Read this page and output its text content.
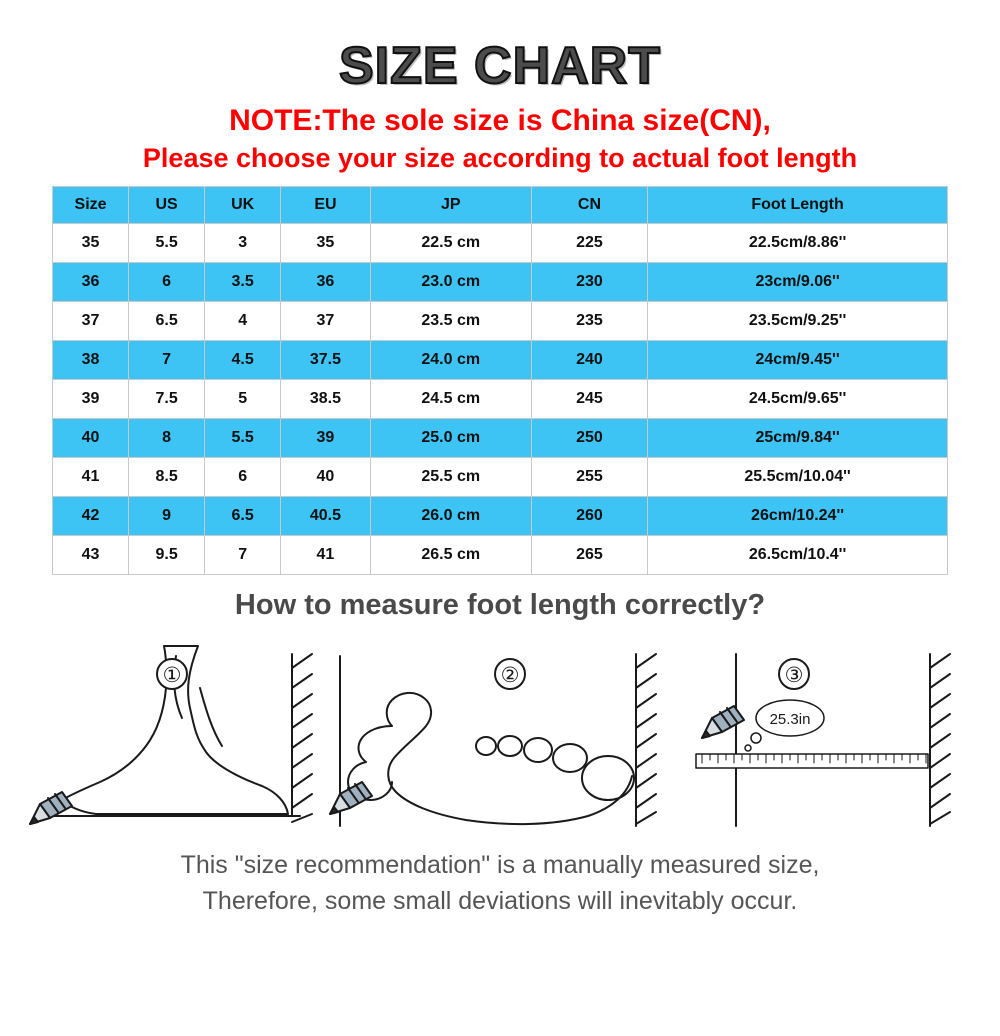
SIZE CHART
NOTE:The sole size is China size(CN),
Please choose your size according to actual foot length
Size	US	UK	EU	JP	CN	Foot Length
35	5.5	3	35	22.5 cm	225	22.5cm/8.86''
36	6	3.5	36	23.0 cm	230	23cm/9.06''
37	6.5	4	37	23.5 cm	235	23.5cm/9.25''
38	7	4.5	37.5	24.0 cm	240	24cm/9.45''
39	7.5	5	38.5	24.5 cm	245	24.5cm/9.65''
40	8	5.5	39	25.0 cm	250	25cm/9.84''
41	8.5	6	40	25.5 cm	255	25.5cm/10.04''
42	9	6.5	40.5	26.0 cm	260	26cm/10.24''
43	9.5	7	41	26.5 cm	265	26.5cm/10.4''
How to measure foot length correctly?
①	②	③
25.3in
This "size recommendation" is a manually measured size,
Therefore, some small deviations will inevitably occur.
